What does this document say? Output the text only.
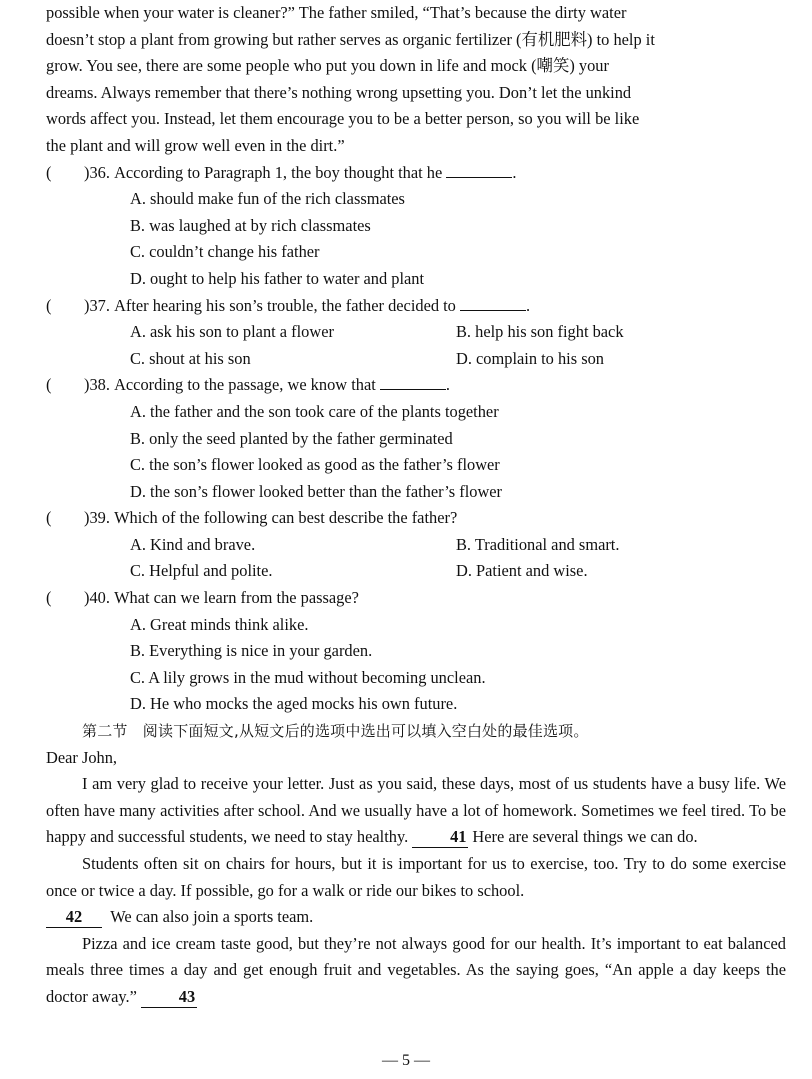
possible when your water is cleaner?” The father smiled, “That’s because the dirty water
doesn’t stop a plant from growing but rather serves as organic fertilizer (有机肥料) to help it
grow. You see, there are some people who put you down in life and mock (嘲笑) your
dreams. Always remember that there’s nothing wrong upsetting you. Don’t let the unkind
words affect you. Instead, let them encourage you to be a better person, so you will be like
the plant and will grow well even in the dirt.”

(	)36. According to Paragraph 1, the boy thought that he	.
A. should make fun of the rich classmates
B. was laughed at by rich classmates
C. couldn’t change his father
D. ought to help his father to water and plant
(	)37. After hearing his son’s trouble, the father decided to	.
A. ask his son to plant a flower	B. help his son fight back
C. shout at his son	D. complain to his son
(	)38. According to the passage, we know that	.
A. the father and the son took care of the plants together
B. only the seed planted by the father germinated
C. the son’s flower looked as good as the father’s flower
D. the son’s flower looked better than the father’s flower
(	)39. Which of the following can best describe the father?
A. Kind and brave.	B. Traditional and smart.
C. Helpful and polite.	D. Patient and wise.
(	)40. What can we learn from the passage?
A. Great minds think alike.
B. Everything is nice in your garden.
C. A lily grows in the mud without becoming unclean.
D. He who mocks the aged mocks his own future.
第二节　阅读下面短文,从短文后的选项中选出可以填入空白处的最佳选项。

Dear John,

I am very glad to receive your letter. Just as you said, these days, most of us students have a busy life. We often have many activities after school. And we usually have a lot of homework. Sometimes we feel tired. To be happy and successful students, we need to stay healthy.	41 Here are several things we can do.

Students often sit on chairs for hours, but it is important for us to exercise, too. Try to do some exercise once or twice a day. If possible, go for a walk or ride our bikes to school.

42 We can also join a sports team.

Pizza and ice cream taste good, but they’re not always good for our health. It’s important to eat balanced meals three times a day and get enough fruit and vegetables. As the saying goes, “An apple a day keeps the doctor away.”	43

— 5 —
